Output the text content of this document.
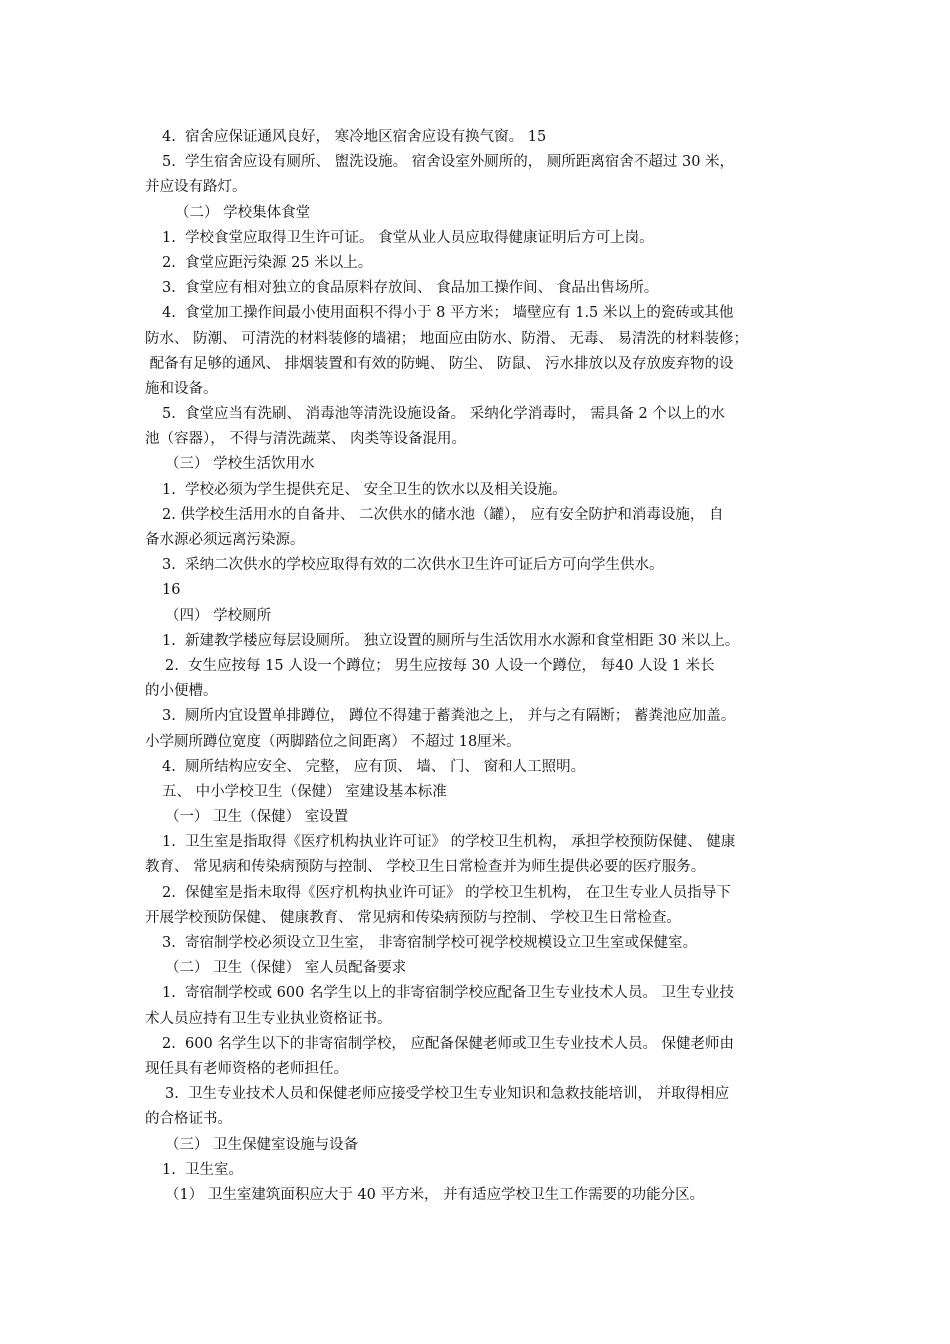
4.  宿舍应保证通风良好， 寒冷地区宿舍应设有换气窗。 15
5.  学生宿舍应设有厕所、 盥洗设施。 宿舍设室外厕所的， 厕所距离宿舍不超过 30 米，
并应设有路灯。
（二） 学校集体食堂
1.  学校食堂应取得卫生许可证。 食堂从业人员应取得健康证明后方可上岗。
2.  食堂应距污染源 25 米以上。
3.  食堂应有相对独立的食品原料存放间、 食品加工操作间、 食品出售场所。
4.  食堂加工操作间最小使用面积不得小于 8 平方米； 墙壁应有 1.5 米以上的瓷砖或其他
防水、 防潮、 可清洗的材料装修的墙裙； 地面应由防水、防滑、 无毒、 易清洗的材料装修；
配备有足够的通风、 排烟装置和有效的防蝇、 防尘、 防鼠、 污水排放以及存放废弃物的设
施和设备。
5.  食堂应当有洗刷、 消毒池等清洗设施设备。 采纳化学消毒时， 需具备 2 个以上的水
池（容器）， 不得与清洗蔬菜、 肉类等设备混用。
（三） 学校生活饮用水
1.  学校必须为学生提供充足、 安全卫生的饮水以及相关设施。
2. 供学校生活用水的自备井、 二次供水的储水池（罐）， 应有安全防护和消毒设施， 自
备水源必须远离污染源。
3.  采纳二次供水的学校应取得有效的二次供水卫生许可证后方可向学生供水。
16
（四） 学校厕所
1.  新建教学楼应每层设厕所。 独立设置的厕所与生活饮用水水源和食堂相距 30 米以上。
2.  女生应按每 15 人设一个蹲位； 男生应按每 30 人设一个蹲位， 每40 人设 1 米长
的小便槽。
3.  厕所内宜设置单排蹲位， 蹲位不得建于蓄粪池之上， 并与之有隔断； 蓄粪池应加盖。
小学厕所蹲位宽度（两脚踏位之间距离） 不超过 18厘米。
4.  厕所结构应安全、 完整， 应有顶、 墙、 门、 窗和人工照明。
五、 中小学校卫生（保健） 室建设基本标准
（一） 卫生（保健） 室设置
1.  卫生室是指取得《医疗机构执业许可证》 的学校卫生机构， 承担学校预防保健、 健康
教育、 常见病和传染病预防与控制、 学校卫生日常检查并为师生提供必要的医疗服务。
2.  保健室是指未取得《医疗机构执业许可证》 的学校卫生机构， 在卫生专业人员指导下
开展学校预防保健、 健康教育、 常见病和传染病预防与控制、 学校卫生日常检查。
3.  寄宿制学校必须设立卫生室， 非寄宿制学校可视学校规模设立卫生室或保健室。
（二） 卫生（保健） 室人员配备要求
1.  寄宿制学校或 600 名学生以上的非寄宿制学校应配备卫生专业技术人员。 卫生专业技
术人员应持有卫生专业执业资格证书。
2.  600 名学生以下的非寄宿制学校， 应配备保健老师或卫生专业技术人员。 保健老师由
现任具有老师资格的老师担任。
3.  卫生专业技术人员和保健老师应接受学校卫生专业知识和急救技能培训， 并取得相应
的合格证书。
（三） 卫生保健室设施与设备
1.  卫生室。
（1） 卫生室建筑面积应大于 40 平方米， 并有适应学校卫生工作需要的功能分区。
